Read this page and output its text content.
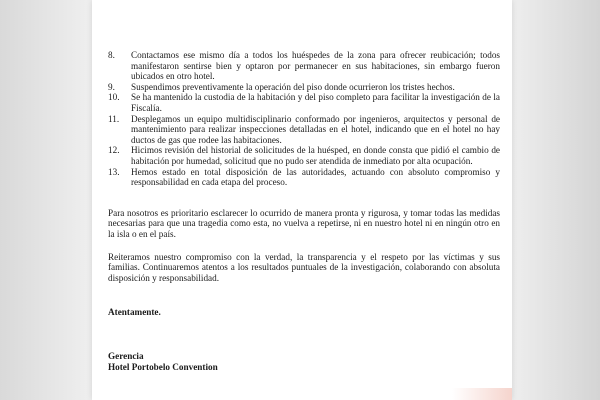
8.	Contactamos ese mismo día a todos los huéspedes de la zona para ofrecer reubicación; todos manifestaron sentirse bien y optaron por permanecer en sus habitaciones, sin embargo fueron ubicados en otro hotel.
9.	Suspendimos preventivamente la operación del piso donde ocurrieron los tristes hechos.
10.	Se ha mantenido la custodia de la habitación y del piso completo para facilitar la investigación de la Fiscalía.
11.	Desplegamos un equipo multidisciplinario conformado por ingenieros, arquitectos y personal de mantenimiento para realizar inspecciones detalladas en el hotel, indicando que en el hotel no hay ductos de gas que rodee las habitaciones.
12.	Hicimos revisión del historial de solicitudes de la huésped, en donde consta que pidió el cambio de habitación por humedad, solicitud que no pudo ser atendida de inmediato por alta ocupación.
13.	Hemos estado en total disposición de las autoridades, actuando con absoluto compromiso y responsabilidad en cada etapa del proceso.

Para nosotros es prioritario esclarecer lo ocurrido de manera pronta y rigurosa, y tomar todas las medidas necesarias para que una tragedia como esta, no vuelva a repetirse, ni en nuestro hotel ni en ningún otro en la isla o en el país.

Reiteramos nuestro compromiso con la verdad, la transparencia y el respeto por las víctimas y sus familias. Continuaremos atentos a los resultados puntuales de la investigación, colaborando con absoluta disposición y responsabilidad.

Atentamente.
Gerencia
Hotel Portobelo Convention
